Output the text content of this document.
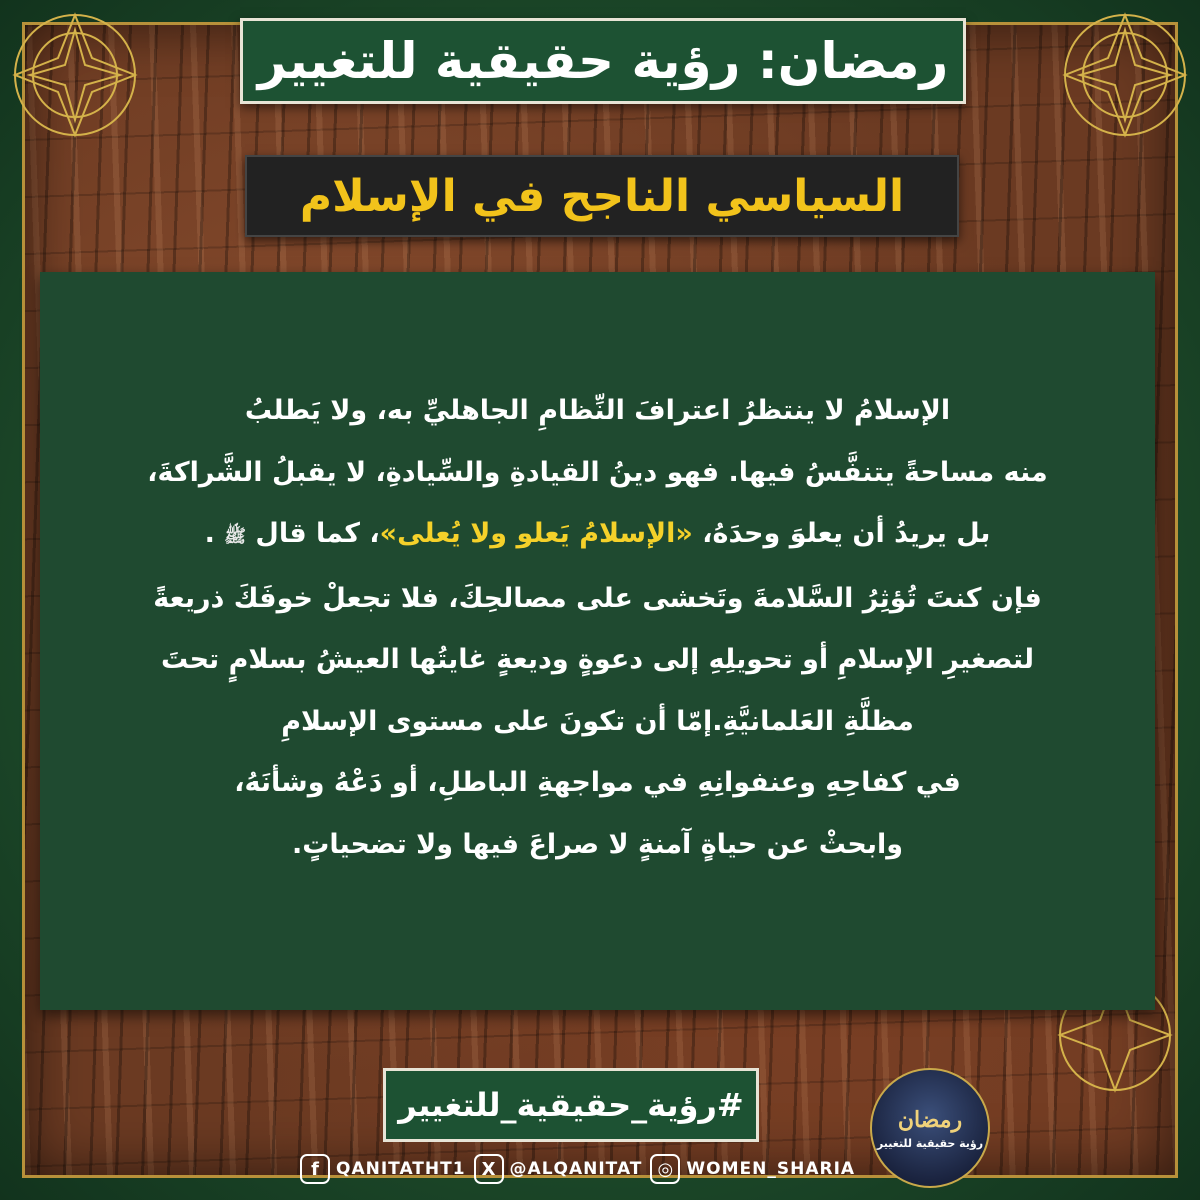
رمضان: رؤية حقيقية للتغيير
السياسي الناجح في الإسلام
الإسلامُ لا ينتظرُ اعترافَ النِّظامِ الجاهليِّ به، ولا يَطلبُ
منه مساحةً يتنفَّسُ فيها. فهو دينُ القيادةِ والسِّيادةِ، لا يقبلُ الشَّراكةَ،
بل يريدُ أن يعلوَ وحدَهُ، «الإسلامُ يَعلو ولا يُعلى»، كما قال ﷺ .
فإن كنتَ تُؤثِرُ السَّلامةَ وتَخشى على مصالحِكَ، فلا تجعلْ خوفَكَ ذريعةً
لتصغيرِ الإسلامِ أو تحويلِهِ إلى دعوةٍ وديعةٍ غايتُها العيشُ بسلامٍ تحتَ
مظلَّةِ العَلمانيَّةِ.إمّا أن تكونَ على مستوى الإسلامِ
في كفاحِهِ وعنفوانِهِ في مواجهةِ الباطلِ، أو دَعْهُ وشأنَهُ،
وابحثْ عن حياةٍ آمنةٍ لا صراعَ فيها ولا تضحياتٍ.
#رؤية_حقيقية_للتغيير	رمضان
رؤية حقيقية للتغيير
f	QANITATHT1 X @ALQANITAT ◎ WOMEN_SHARIA
